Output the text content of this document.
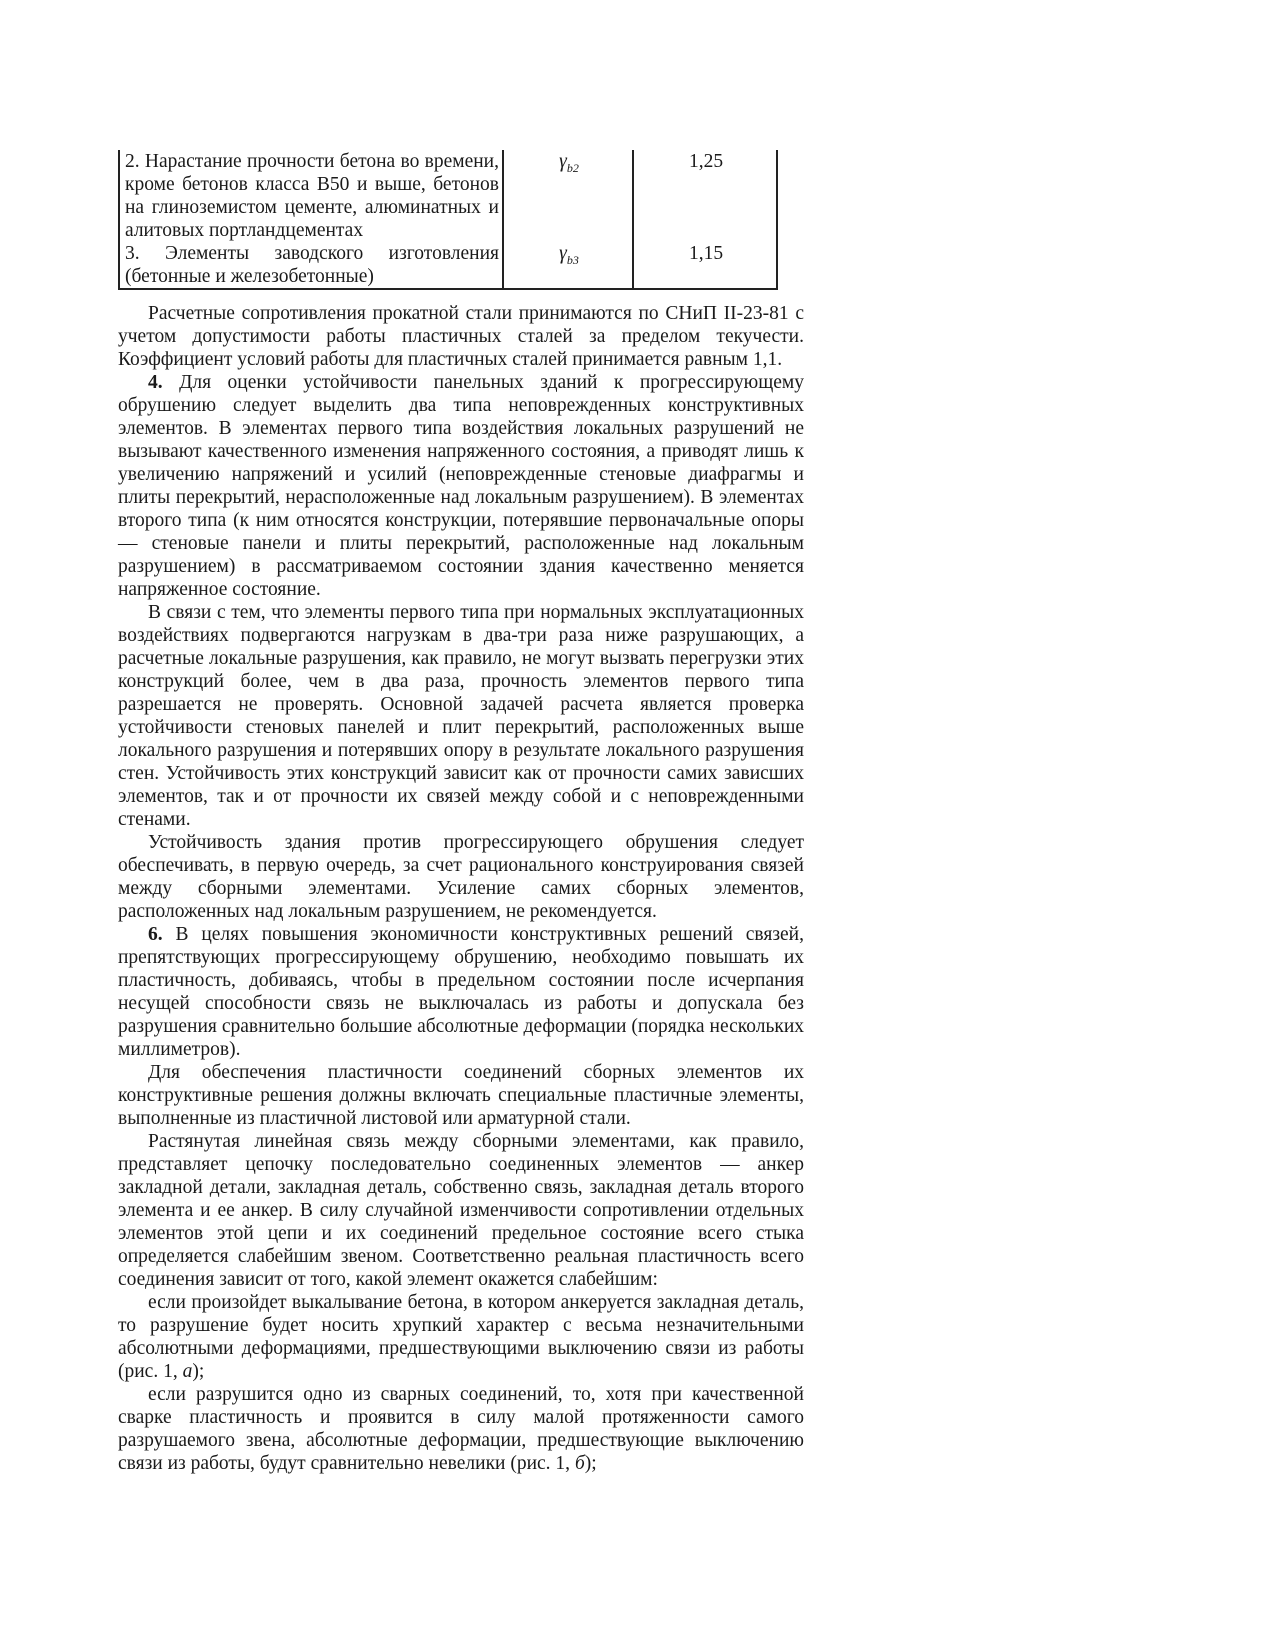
2. Нарастание прочности бетона во времени, кроме бетонов класса В50 и выше, бетонов на глиноземистом цементе, алюминатных и алитовых портландцементах	$\gamma_{b2}$	1,25
3. Элементы заводского изготовления (бетонные и железобетонные)	$\gamma_{b3}$	1,15

Расчетные сопротивления прокатной стали принимаются по СНиП II-23-81 с учетом допустимости работы пластичных сталей за пределом текучести. Коэффициент условий работы для пластичных сталей принимается равным 1,1.

4. Для оценки устойчивости панельных зданий к прогрессирующему обрушению следует выделить два типа неповрежденных конструктивных элементов. В элементах первого типа воздействия локальных разрушений не вызывают качественного изменения напряженного состояния, а приводят лишь к увеличению напряжений и усилий (неповрежденные стеновые диафрагмы и плиты перекрытий, нерасположенные над локальным разрушением). В элементах второго типа (к ним относятся конструкции, потерявшие первоначальные опоры — стеновые панели и плиты перекрытий, расположенные над локальным разрушением) в рассматриваемом состоянии здания качественно меняется напряженное состояние.

В связи с тем, что элементы первого типа при нормальных эксплуатационных воздействиях подвергаются нагрузкам в два-три раза ниже разрушающих, а расчетные локальные разрушения, как правило, не могут вызвать перегрузки этих конструкций более, чем в два раза, прочность элементов первого типа разрешается не проверять. Основной задачей расчета является проверка устойчивости стеновых панелей и плит перекрытий, расположенных выше локального разрушения и потерявших опору в результате локального разрушения стен. Устойчивость этих конструкций зависит как от прочности самих зависших элементов, так и от прочности их связей между собой и с неповрежденными стенами.

Устойчивость здания против прогрессирующего обрушения следует обеспечивать, в первую очередь, за счет рационального конструирования связей между сборными элементами. Усиление самих сборных элементов, расположенных над локальным разрушением, не рекомендуется.

6. В целях повышения экономичности конструктивных решений связей, препятствующих прогрессирующему обрушению, необходимо повышать их пластичность, добиваясь, чтобы в предельном состоянии после исчерпания несущей способности связь не выключалась из работы и допускала без разрушения сравнительно большие абсолютные деформации (порядка нескольких миллиметров).

Для обеспечения пластичности соединений сборных элементов их конструктивные решения должны включать специальные пластичные элементы, выполненные из пластичной листовой или арматурной стали.

Растянутая линейная связь между сборными элементами, как правило, представляет цепочку последовательно соединенных элементов — анкер закладной детали, закладная деталь, собственно связь, закладная деталь второго элемента и ее анкер. В силу случайной изменчивости сопротивлении отдельных элементов этой цепи и их соединений предельное состояние всего стыка определяется слабейшим звеном. Соответственно реальная пластичность всего соединения зависит от того, какой элемент окажется слабейшим:

если произойдет выкалывание бетона, в котором анкеруется закладная деталь, то разрушение будет носить хрупкий характер с весьма незначительными абсолютными деформациями, предшествующими выключению связи из работы (рис. 1, а);

если разрушится одно из сварных соединений, то, хотя при качественной сварке пластичность и проявится в силу малой протяженности самого разрушаемого звена, абсолютные деформации, предшествующие выключению связи из работы, будут сравнительно невелики (рис. 1, б);
